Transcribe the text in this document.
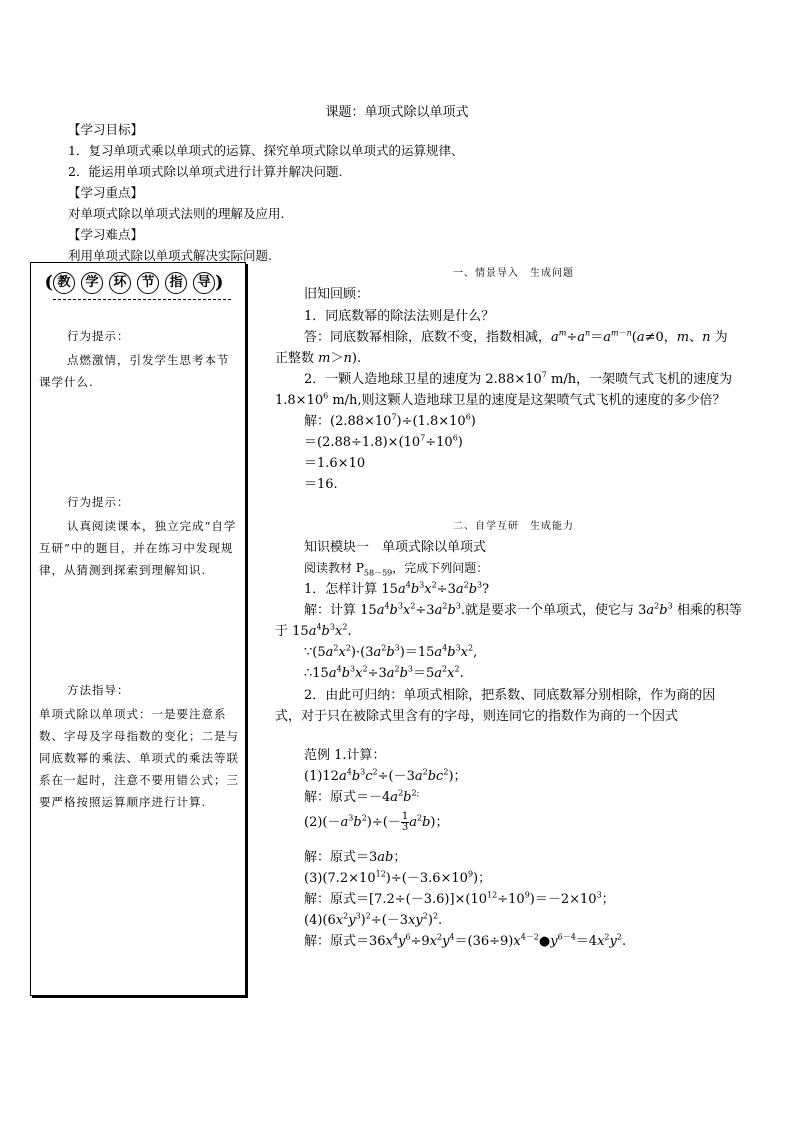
课题：单项式除以单项式
【学习目标】
1．复习单项式乘以单项式的运算、探究单项式除以单项式的运算规律、
2．能运用单项式除以单项式进行计算并解决问题.
【学习重点】
对单项式除以单项式法则的理解及应用.
【学习难点】
利用单项式除以单项式解决实际问题.
( 教	学	环	节	指	导 )
行为提示：
点燃激情，引发学生思考本节课学什么.
行为提示：
认真阅读课本，独立完成“自学互研”中的题目，并在练习中发现规律，从猜测到探索到理解知识.
方法指导：
单项式除以单项式：一是要注意系数、字母及字母指数的变化；二是与同底数幂的乘法、单项式的乘法等联系在一起时，注意不要用错公式；三要严格按照运算顺序进行计算.
一、情景导入　生成问题
旧知回顾：
1．同底数幂的除法法则是什么？
答：同底数幂相除，底数不变，指数相减，$a^m\div a^n=a^{m-n}(a\ne 0$，m、n 为
正整数 m＞n).
2．一颗人造地球卫星的速度为 $2.88\times 10^7$ m/h，一架喷气式飞机的速度为
$1.8\times 10^6$ m/h,则这颗人造地球卫星的速度是这架喷气式飞机的速度的多少倍？
解：$(2.88\times 10^7)\div(1.8\times 10^6)$
$=(2.88\div 1.8)\times(10^7\div 10^6)$
＝1.6×10
＝16.
二、自学互研　生成能力
知识模块一　单项式除以单项式
阅读教材 $P_{58-59}$，完成下列问题：
1．怎样计算 $15a^4b^3x^2\div 3a^2b^3$?
解：计算 $15a^4b^3x^2\div 3a^2b^3$.就是要求一个单项式，使它与 $3a^2b^3$ 相乘的积等
于 $15a^4b^3x^2$.
$\because(5a^2x^2)\cdot(3a^2b^3)=15a^4b^3x^2$,
$\therefore 15a^4b^3x^2\div 3a^2b^3=5a^2x^2$.
2．由此可归纳：单项式相除，把系数、同底数幂分别相除，作为商的因
式，对于只在被除式里含有的字母，则连同它的指数作为商的一个因式
范例 1.计算：
$(1)12a^4b^3c^2\div(-3a^2bc^2)$；
解：原式$=-4a^2b^{2;}$
$(2)(-a^3b^2)\div(- \frac{1}{3} a^2b)$；
解：原式＝3ab；
$(3)(7.2\times 10^{12})\div(-3.6\times 10^9)$；
解：原式$=[7.2\div(-3.6)]\times(10^{12}\div 10^9)=-2\times 10^3$；
$(4)(6x^2y^3)^2\div(-3xy^2)^2$.
解：原式$=36x^4y^6\div 9x^2y^4=(36\div 9)x^{4-2}●y^{6-4}=4x^2y^2$.
